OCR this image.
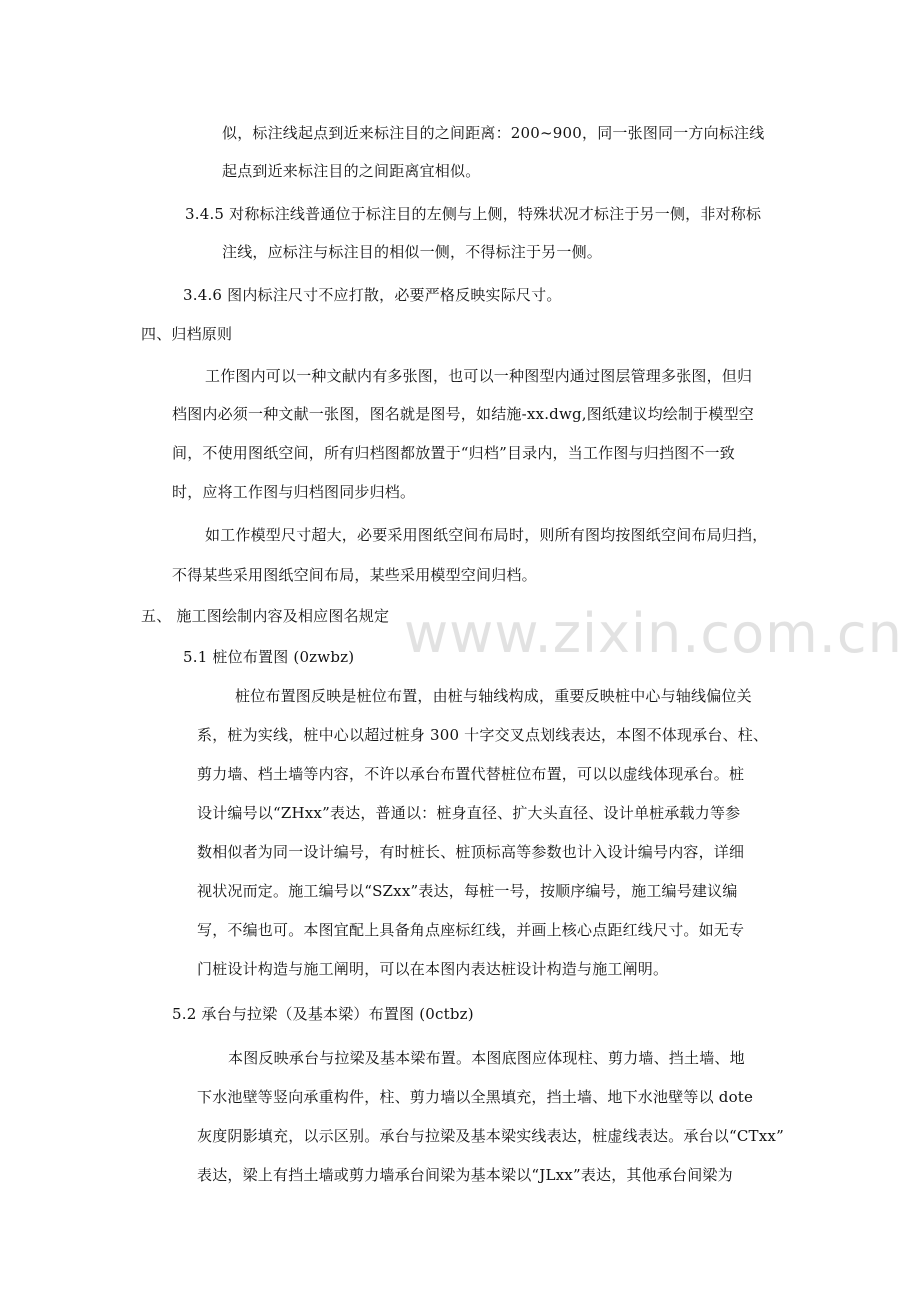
www.zixin.com.cn
似，标注线起点到近来标注目的之间距离：200~900，同一张图同一方向标注线
起点到近来标注目的之间距离宜相似。
3.4.5 对称标注线普通位于标注目的左侧与上侧，特殊状况才标注于另一侧，非对称标
注线，应标注与标注目的相似一侧，不得标注于另一侧。
3.4.6 图内标注尺寸不应打散，必要严格反映实际尺寸。
四、归档原则
工作图内可以一种文献内有多张图，也可以一种图型内通过图层管理多张图，但归
档图内必须一种文献一张图，图名就是图号，如结施-xx.dwg,图纸建议均绘制于模型空
间，不使用图纸空间，所有归档图都放置于“归档”目录内，当工作图与归挡图不一致
时，应将工作图与归档图同步归档。
如工作模型尺寸超大，必要采用图纸空间布局时，则所有图均按图纸空间布局归挡，
不得某些采用图纸空间布局，某些采用模型空间归档。
五、 施工图绘制内容及相应图名规定
5.1 桩位布置图 (0zwbz)
桩位布置图反映是桩位布置，由桩与轴线构成，重要反映桩中心与轴线偏位关
系，桩为实线，桩中心以超过桩身 300 十字交叉点划线表达，本图不体现承台、柱、
剪力墙、档土墙等内容，不许以承台布置代替桩位布置，可以以虚线体现承台。桩
设计编号以“ZHxx”表达，普通以：桩身直径、扩大头直径、设计单桩承载力等参
数相似者为同一设计编号，有时桩长、桩顶标高等参数也计入设计编号内容，详细
视状况而定。施工编号以“SZxx”表达，每桩一号，按顺序编号，施工编号建议编
写，不编也可。本图宜配上具备角点座标红线，并画上核心点距红线尺寸。如无专
门桩设计构造与施工阐明，可以在本图内表达桩设计构造与施工阐明。
5.2 承台与拉梁（及基本梁）布置图 (0ctbz)
本图反映承台与拉梁及基本梁布置。本图底图应体现柱、剪力墙、挡土墙、地
下水池壁等竖向承重构件，柱、剪力墙以全黑填充，挡土墙、地下水池壁等以 dote
灰度阴影填充，以示区别。承台与拉梁及基本梁实线表达，桩虚线表达。承台以“CTxx”
表达，梁上有挡土墙或剪力墙承台间梁为基本梁以“JLxx”表达，其他承台间梁为
